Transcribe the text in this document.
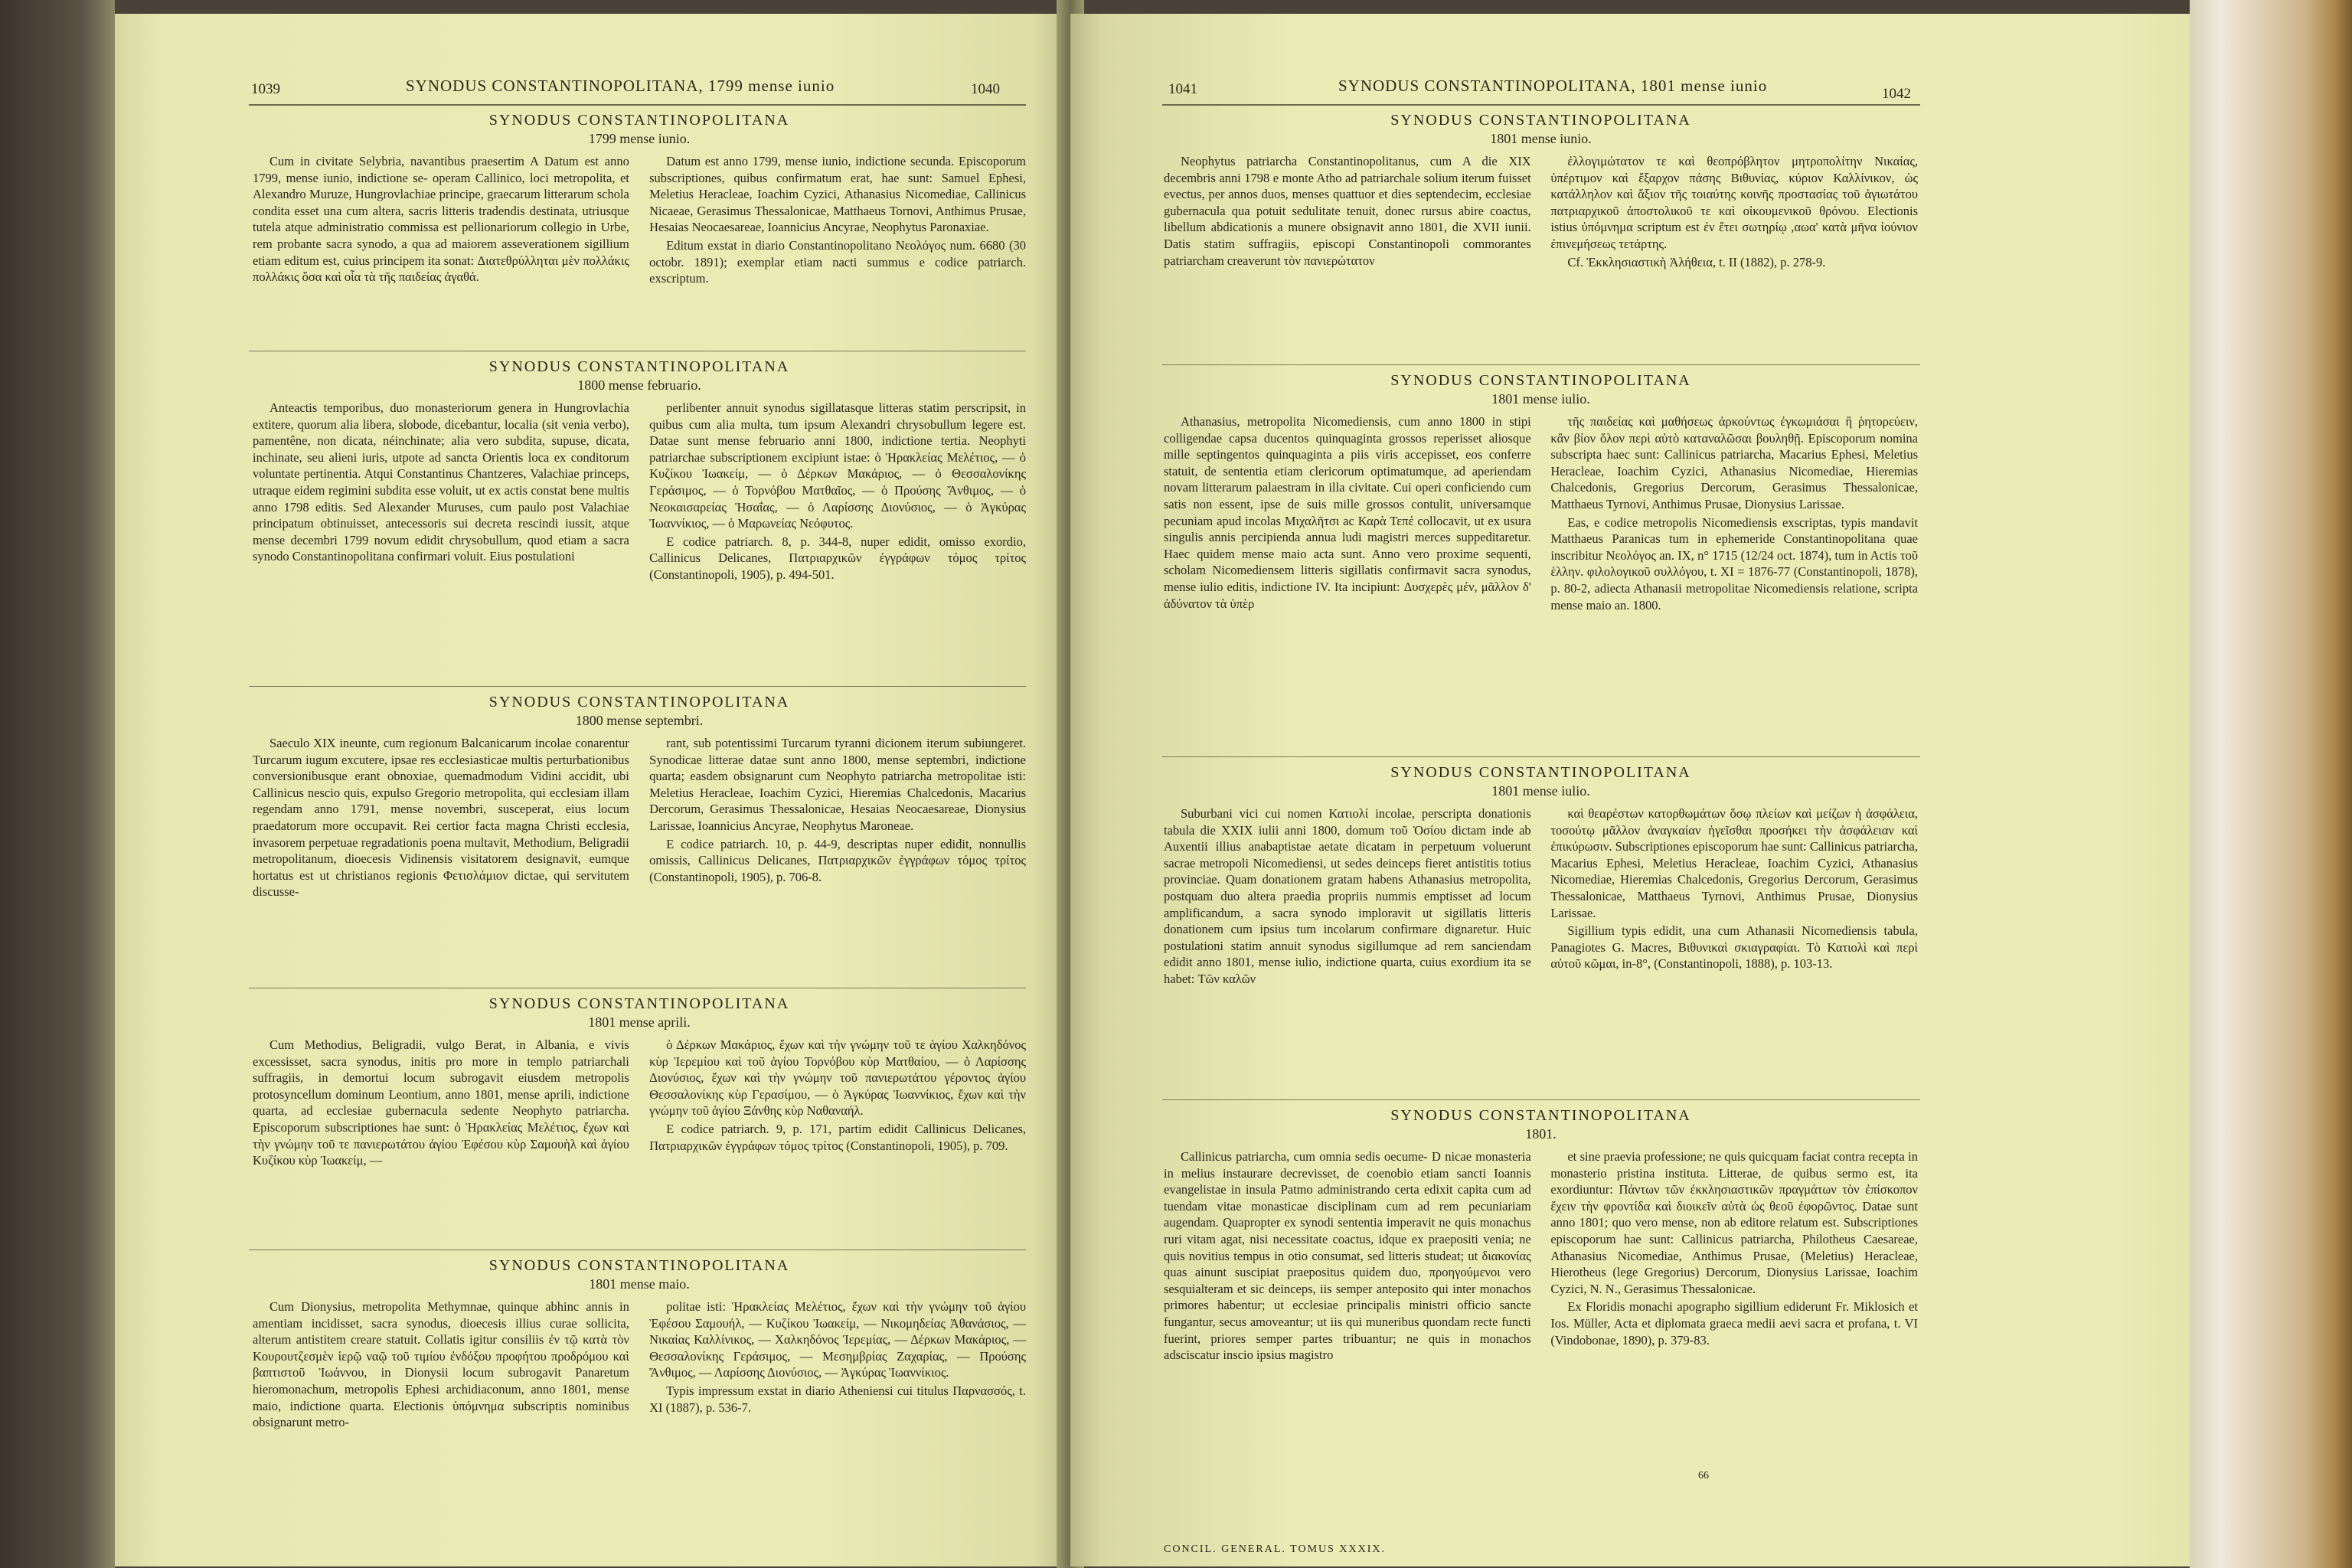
1039	SYNODUS CONSTANTINOPOLITANA, 1799 mense iunio	1040

SYNODUS CONSTANTINOPOLITANA

1799 mense iunio.

Cum in civitate Selybria, navantibus praesertim A Datum est anno 1799, mense iunio, indictione se- operam Callinico, loci metropolita, et Alexandro Muruze, Hungrovlachiae principe, graecarum litterarum schola condita esset una cum altera, sacris litteris tradendis destinata, utriusque tutela atque administratio commissa est pellionariorum collegio in Urbe, rem probante sacra synodo, a qua ad maiorem asseverationem sigillium etiam editum est, cuius principem ita sonat: Διατεθρύλληται μὲν πολλάκις πολλάκις ὅσα καὶ οἷα τὰ τῆς παιδείας ἀγαθά.

Datum est anno 1799, mense iunio, indictione secunda. Episcoporum subscriptiones, quibus confirmatum erat, hae sunt: Samuel Ephesi, Meletius Heracleae, Ioachim Cyzici, Athanasius Nicomediae, Callinicus Nicaeae, Gerasimus Thessalonicae, Matthaeus Tornovi, Anthimus Prusae, Hesaias Neocaesareae, Ioannicius Ancyrae, Neophytus Paronaxiae.

Editum exstat in diario Constantinopolitano Νεολόγος num. 6680 (30 octobr. 1891); exemplar etiam nacti summus e codice patriarch. exscriptum.

SYNODUS CONSTANTINOPOLITANA

1800 mense februario.

Anteactis temporibus, duo monasteriorum genera in Hungrovlachia extitere, quorum alia libera, slobode, dicebantur, localia (sit venia verbo), pamentêne, non dicata, néinchinate; alia vero subdita, supuse, dicata, inchinate, seu alieni iuris, utpote ad sancta Orientis loca ex conditorum voluntate pertinentia. Atqui Constantinus Chantzeres, Valachiae princeps, utraque eidem regimini subdita esse voluit, ut ex actis constat bene multis anno 1798 editis. Sed Alexander Muruses, cum paulo post Valachiae principatum obtinuisset, antecessoris sui decreta rescindi iussit, atque mense decembri 1799 novum edidit chrysobullum, quod etiam a sacra synodo Constantinopolitana confirmari voluit. Eius postulationi

perlibenter annuit synodus sigillatasque litteras statim perscripsit, in quibus cum alia multa, tum ipsum Alexandri chrysobullum legere est. Datae sunt mense februario anni 1800, indictione tertia. Neophyti patriarchae subscriptionem excipiunt istae: ὁ Ἡρακλείας Μελέτιος, — ὁ Κυζίκου Ἰωακείμ, — ὁ Δέρκων Μακάριος, — ὁ Θεσσαλονίκης Γεράσιμος, — ὁ Τορνόβου Ματθαῖος, — ὁ Προύσης Ἄνθιμος, — ὁ Νεοκαισαρείας Ἡσαΐας, — ὁ Λαρίσσης Διονύσιος, — ὁ Ἀγκύρας Ἰωαννίκιος, — ὁ Μαρωνείας Νεόφυτος.

E codice patriarch. 8, p. 344-8, nuper edidit, omisso exordio, Callinicus Delicanes, Πατριαρχικῶν ἐγγράφων τόμος τρίτος (Constantinopoli, 1905), p. 494-501.

SYNODUS CONSTANTINOPOLITANA

1800 mense septembri.

Saeculo XIX ineunte, cum regionum Balcanicarum incolae conarentur Turcarum iugum excutere, ipsae res ecclesiasticae multis perturbationibus conversionibusque erant obnoxiae, quemadmodum Vidini accidit, ubi Callinicus nescio quis, expulso Gregorio metropolita, qui ecclesiam illam regendam anno 1791, mense novembri, susceperat, eius locum praedatorum more occupavit. Rei certior facta magna Christi ecclesia, invasorem perpetuae regradationis poena multavit, Methodium, Beligradii metropolitanum, dioecesis Vidinensis visitatorem designavit, eumque hortatus est ut christianos regionis Φετισλάμιον dictae, qui servitutem discusse-

rant, sub potentissimi Turcarum tyranni dicionem iterum subiungeret. Synodicae litterae datae sunt anno 1800, mense septembri, indictione quarta; easdem obsignarunt cum Neophyto patriarcha metropolitae isti: Meletius Heracleae, Ioachim Cyzici, Hieremias Chalcedonis, Macarius Dercorum, Gerasimus Thessalonicae, Hesaias Neocaesareae, Dionysius Larissae, Ioannicius Ancyrae, Neophytus Maroneae.

E codice patriarch. 10, p. 44-9, descriptas nuper edidit, nonnullis omissis, Callinicus Delicanes, Πατριαρχικῶν ἐγγράφων τόμος τρίτος (Constantinopoli, 1905), p. 706-8.

SYNODUS CONSTANTINOPOLITANA

1801 mense aprili.

Cum Methodius, Beligradii, vulgo Berat, in Albania, e vivis excessisset, sacra synodus, initis pro more in templo patriarchali suffragiis, in demortui locum subrogavit eiusdem metropolis protosyncellum dominum Leontium, anno 1801, mense aprili, indictione quarta, ad ecclesiae gubernacula sedente Neophyto patriarcha. Episcoporum subscriptiones hae sunt: ὁ Ἡρακλείας Μελέτιος, ἔχων καὶ τὴν γνώμην τοῦ τε πανιερωτάτου ἁγίου Ἐφέσου κὺρ Σαμουὴλ καὶ ἁγίου Κυζίκου κὺρ Ἰωακείμ, —

ὁ Δέρκων Μακάριος, ἔχων καὶ τὴν γνώμην τοῦ τε ἁγίου Χαλκηδόνος κὺρ Ἱερεμίου καὶ τοῦ ἁγίου Τορνόβου κὺρ Ματθαίου, — ὁ Λαρίσσης Διονύσιος, ἔχων καὶ τὴν γνώμην τοῦ πανιερωτάτου γέροντος ἁγίου Θεσσαλονίκης κὺρ Γερασίμου, — ὁ Ἀγκύρας Ἰωαννίκιος, ἔχων καὶ τὴν γνώμην τοῦ ἁγίου Ξάνθης κὺρ Ναθαναήλ.

E codice patriarch. 9, p. 171, partim edidit Callinicus Delicanes, Πατριαρχικῶν ἐγγράφων τόμος τρίτος (Constantinopoli, 1905), p. 709.

SYNODUS CONSTANTINOPOLITANA

1801 mense maio.

Cum Dionysius, metropolita Methymnae, quinque abhinc annis in amentiam incidisset, sacra synodus, dioecesis illius curae sollicita, alterum antistitem creare statuit. Collatis igitur consiliis ἐν τῷ κατὰ τὸν Κουρουτζεσμὲν ἱερῷ ναῷ τοῦ τιμίου ἐνδόξου προφήτου προδρόμου καὶ βαπτιστοῦ Ἰωάννου, in Dionysii locum subrogavit Panaretum hieromonachum, metropolis Ephesi archidiaconum, anno 1801, mense maio, indictione quarta. Electionis ὑπόμνημα subscriptis nominibus obsignarunt metro-

politae isti: Ἡρακλείας Μελέτιος, ἔχων καὶ τὴν γνώμην τοῦ ἁγίου Ἐφέσου Σαμουήλ, — Κυζίκου Ἰωακείμ, — Νικομηδείας Ἀθανάσιος, — Νικαίας Καλλίνικος, — Χαλκηδόνος Ἱερεμίας, — Δέρκων Μακάριος, — Θεσσαλονίκης Γεράσιμος, — Μεσημβρίας Ζαχαρίας, — Προύσης Ἄνθιμος, — Λαρίσσης Διονύσιος, — Ἀγκύρας Ἰωαννίκιος.

Typis impressum exstat in diario Atheniensi cui titulus Παρνασσός, t. XI (1887), p. 536-7.

1041	SYNODUS CONSTANTINOPOLITANA, 1801 mense iunio	1042

SYNODUS CONSTANTINOPOLITANA

1801 mense iunio.

Neophytus patriarcha Constantinopolitanus, cum A die XIX decembris anni 1798 e monte Atho ad patriarchale solium iterum fuisset evectus, per annos duos, menses quattuor et dies septendecim, ecclesiae gubernacula qua potuit sedulitate tenuit, donec rursus abire coactus, libellum abdicationis a munere obsignavit anno 1801, die XVII iunii. Datis statim suffragiis, episcopi Constantinopoli commorantes patriarcham creaverunt τὸν πανιερώτατον

ἐλλογιμώτατον τε καὶ θεοπρόβλητον μητροπολίτην Νικαίας, ὑπέρτιμον καὶ ἔξαρχον πάσης Βιθυνίας, κύριον Καλλίνικον, ὡς κατάλληλον καὶ ἄξιον τῆς τοιαύτης κοινῆς προστασίας τοῦ ἁγιωτάτου πατριαρχικοῦ ἀποστολικοῦ τε καὶ οἰκουμενικοῦ θρόνου. Electionis istius ὑπόμνημα scriptum est ἐν ἔτει σωτηρίῳ ,αωα' κατὰ μῆνα ἰούνιον ἐπινεμήσεως τετάρτης.

Cf. Ἐκκλησιαστικὴ Ἀλήθεια, t. II (1882), p. 278-9.

SYNODUS CONSTANTINOPOLITANA

1801 mense iulio.

Athanasius, metropolita Nicomediensis, cum anno 1800 in stipi colligendae capsa ducentos quinquaginta grossos reperisset aliosque mille septingentos quinquaginta a piis viris accepisset, eos conferre statuit, de sententia etiam clericorum optimatumque, ad aperiendam novam litterarum palaestram in illa civitate. Cui operi conficiendo cum satis non essent, ipse de suis mille grossos contulit, universamque pecuniam apud incolas Μιχαλῆτσι ac Καρὰ Τεπέ collocavit, ut ex usura singulis annis percipienda annua ludi magistri merces suppeditaretur. Haec quidem mense maio acta sunt. Anno vero proxime sequenti, scholam Nicomediensem litteris sigillatis confirmavit sacra synodus, mense iulio editis, indictione IV. Ita incipiunt: Δυσχερὲς μέν, μᾶλλον δ' ἀδύνατον τὰ ὑπὲρ

τῆς παιδείας καὶ μαθήσεως ἀρκούντως ἐγκωμιάσαι ἢ ῥητορεύειν, κἂν βίον ὅλον περὶ αὐτὸ καταναλῶσαι βουληθῇ. Episcoporum nomina subscripta haec sunt: Callinicus patriarcha, Macarius Ephesi, Meletius Heracleae, Ioachim Cyzici, Athanasius Nicomediae, Hieremias Chalcedonis, Gregorius Dercorum, Gerasimus Thessalonicae, Matthaeus Tyrnovi, Anthimus Prusae, Dionysius Larissae.

Eas, e codice metropolis Nicomediensis exscriptas, typis mandavit Matthaeus Paranicas tum in ephemeride Constantinopolitana quae inscribitur Νεολόγος an. IX, n° 1715 (12/24 oct. 1874), tum in Actis τοῦ ἑλλην. φιλολογικοῦ συλλόγου, t. XI = 1876-77 (Constantinopoli, 1878), p. 80-2, adiecta Athanasii metropolitae Nicomediensis relatione, scripta mense maio an. 1800.

SYNODUS CONSTANTINOPOLITANA

1801 mense iulio.

Suburbani vici cui nomen Κατιολί incolae, perscripta donationis tabula die XXIX iulii anni 1800, domum τοῦ Ὁσίου dictam inde ab Auxentii illius anabaptistae aetate dicatam in perpetuum voluerunt sacrae metropoli Nicomediensi, ut sedes deinceps fieret antistitis totius provinciae. Quam donationem gratam habens Athanasius metropolita, postquam duo altera praedia propriis nummis emptisset ad locum amplificandum, a sacra synodo imploravit ut sigillatis litteris donationem cum ipsius tum incolarum confirmare dignaretur. Huic postulationi statim annuit synodus sigillumque ad rem sanciendam edidit anno 1801, mense iulio, indictione quarta, cuius exordium ita se habet: Τῶν καλῶν

καὶ θεαρέστων κατορθωμάτων ὅσῳ πλείων καὶ μείζων ἡ ἀσφάλεια, τοσούτῳ μᾶλλον ἀναγκαίαν ἡγεῖσθαι προσήκει τὴν ἀσφάλειαν καὶ ἐπικύρωσιν. Subscriptiones episcoporum hae sunt: Callinicus patriarcha, Macarius Ephesi, Meletius Heracleae, Ioachim Cyzici, Athanasius Nicomediae, Hieremias Chalcedonis, Gregorius Dercorum, Gerasimus Thessalonicae, Matthaeus Tyrnovi, Anthimus Prusae, Dionysius Larissae.

Sigillium typis edidit, una cum Athanasii Nicomediensis tabula, Panagiotes G. Macres, Βιθυνικαὶ σκιαγραφίαι. Τὸ Κατιολὶ καὶ περὶ αὐτοῦ κῶμαι, in-8°, (Constantinopoli, 1888), p. 103-13.

SYNODUS CONSTANTINOPOLITANA

1801.

Callinicus patriarcha, cum omnia sedis oecume- D nicae monasteria in melius instaurare decrevisset, de coenobio etiam sancti Ioannis evangelistae in insula Patmo administrando certa edixit capita cum ad tuendam vitae monasticae disciplinam cum ad rem pecuniariam augendam. Quapropter ex synodi sententia imperavit ne quis monachus ruri vitam agat, nisi necessitate coactus, idque ex praepositi venia; ne quis novitius tempus in otio consumat, sed litteris studeat; ut διακονίας quas ainunt suscipiat praepositus quidem duo, προηγούμενοι vero sesquialteram et sic deinceps, iis semper anteposito qui inter monachos primores habentur; ut ecclesiae principalis ministri officio sancte fungantur, secus amoveantur; ut iis qui muneribus quondam recte functi fuerint, priores semper partes tribuantur; ne quis in monachos adsciscatur inscio ipsius magistro

et sine praevia professione; ne quis quicquam faciat contra recepta in monasterio pristina instituta. Litterae, de quibus sermo est, ita exordiuntur: Πάντων τῶν ἐκκλησιαστικῶν πραγμάτων τὸν ἐπίσκοπον ἔχειν τὴν φροντίδα καὶ διοικεῖν αὐτὰ ὡς θεοῦ ἐφορῶντος. Datae sunt anno 1801; quo vero mense, non ab editore relatum est. Subscriptiones episcoporum hae sunt: Callinicus patriarcha, Philotheus Caesareae, Athanasius Nicomediae, Anthimus Prusae, (Meletius) Heracleae, Hierotheus (lege Gregorius) Dercorum, Dionysius Larissae, Ioachim Cyzici, N. N., Gerasimus Thessalonicae.

Ex Floridis monachi apographo sigillium ediderunt Fr. Miklosich et Ios. Müller, Acta et diplomata graeca medii aevi sacra et profana, t. VI (Vindobonae, 1890), p. 379-83.

CONCIL. GENERAL. TOMUS XXXIX.
66
